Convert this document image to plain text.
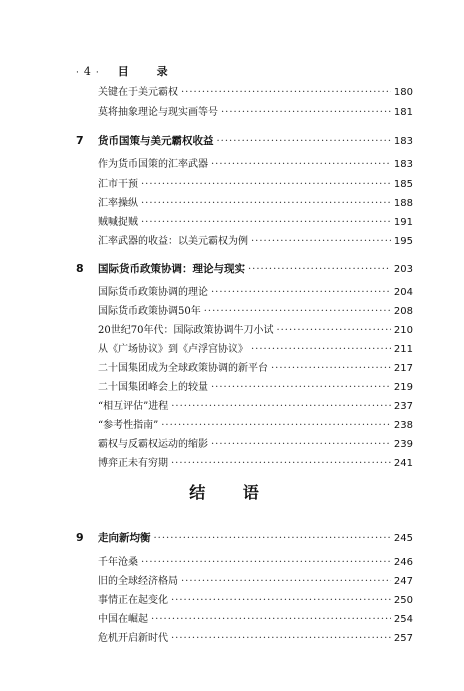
· 4 · 目 录
关键在于美元霸权 ·····	180
莫将抽象理论与现实画等号 ·····	181
7 货币国策与美元霸权收益 ·····	183
作为货币国策的汇率武器 ·····	183
汇市干预 ·····	185
汇率操纵 ·····	188
贼喊捉贼 ·····	191
汇率武器的收益：以美元霸权为例 ·····	195
8 国际货币政策协调：理论与现实 ·····	203
国际货币政策协调的理论 ·····	204
国际货币政策协调50年 ·····	208
20世纪70年代：国际政策协调牛刀小试 ·····	210
从《广场协议》到《卢浮宫协议》 ·····	211
二十国集团成为全球政策协调的新平台 ·····	217
二十国集团峰会上的较量 ·····	219
“相互评估”进程 ·····	237
“参考性指南” ·····	238
霸权与反霸权运动的缩影 ·····	239
博弈正未有穷期 ·····	241
9 走向新均衡 ·····	245
千年沧桑 ·····	246
旧的全球经济格局 ·····	247
事情正在起变化 ·····	250
中国在崛起 ·····	254
危机开启新时代 ·····	257
结 语
